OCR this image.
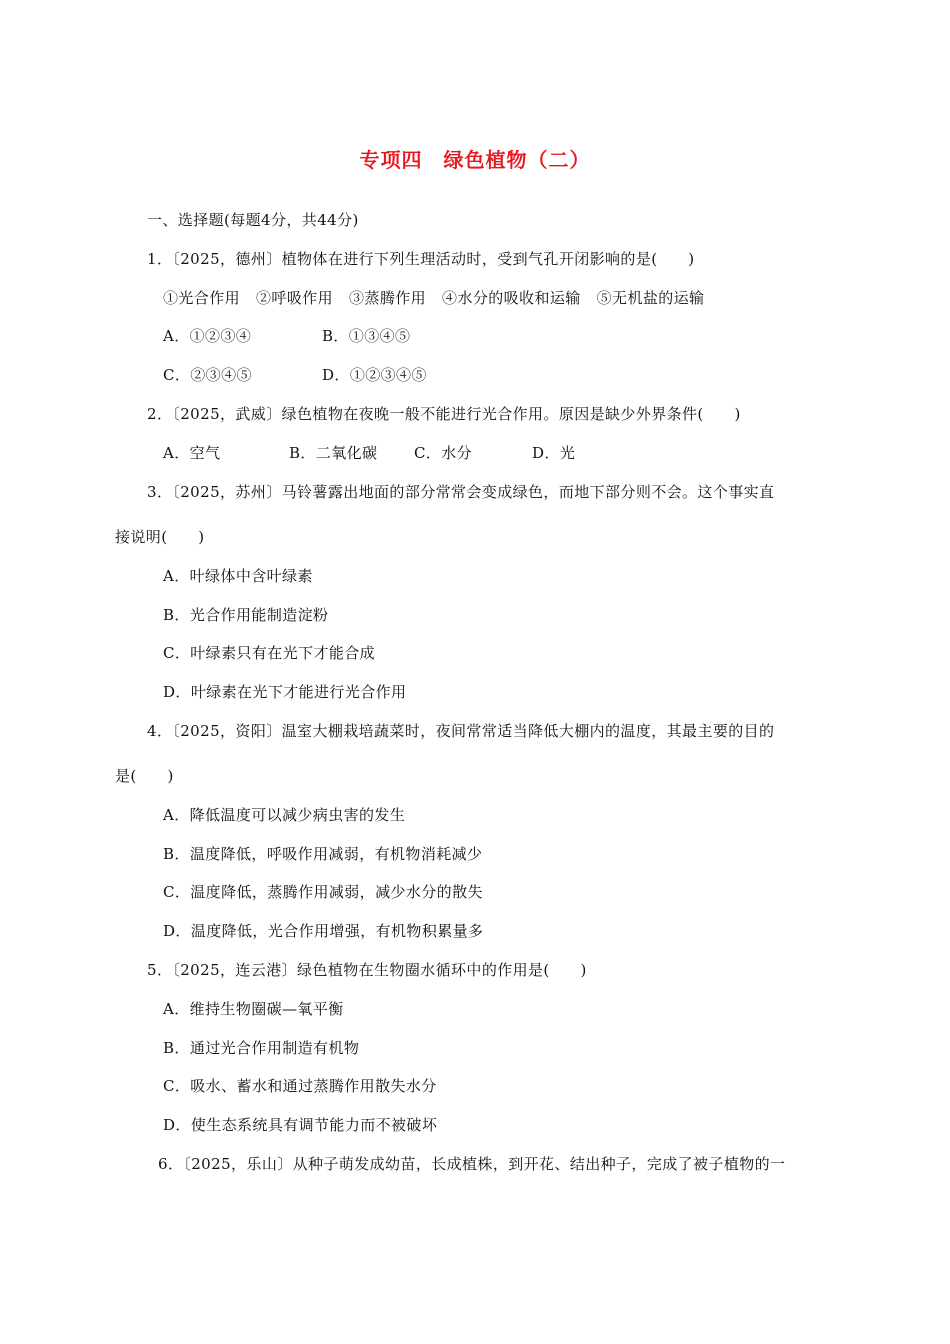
专项四　绿色植物（二）
一、选择题(每题4分，共44分)
1．〔2025，德州〕植物体在进行下列生理活动时，受到气孔开闭影响的是(　　)
①光合作用 ②呼吸作用 ③蒸腾作用 ④水分的吸收和运输 ⑤无机盐的运输
A．①②③④	B．①③④⑤
C．②③④⑤	D．①②③④⑤
2．〔2025，武威〕绿色植物在夜晚一般不能进行光合作用。原因是缺少外界条件(　　)
A．空气	B．二氧化碳 C．水分	D．光
3．〔2025，苏州〕马铃薯露出地面的部分常常会变成绿色，而地下部分则不会。这个事实直
接说明(　　)
A．叶绿体中含叶绿素
B．光合作用能制造淀粉
C．叶绿素只有在光下才能合成
D．叶绿素在光下才能进行光合作用
4．〔2025，资阳〕温室大棚栽培蔬菜时，夜间常常适当降低大棚内的温度，其最主要的目的
是(　　)
A．降低温度可以减少病虫害的发生
B．温度降低，呼吸作用减弱，有机物消耗减少
C．温度降低，蒸腾作用减弱，减少水分的散失
D．温度降低，光合作用增强，有机物积累量多
5．〔2025，连云港〕绿色植物在生物圈水循环中的作用是(　　)
A．维持生物圈碳—氧平衡
B．通过光合作用制造有机物
C．吸水、蓄水和通过蒸腾作用散失水分
D．使生态系统具有调节能力而不被破坏
6．〔2025，乐山〕从种子萌发成幼苗，长成植株，到开花、结出种子，完成了被子植物的一
